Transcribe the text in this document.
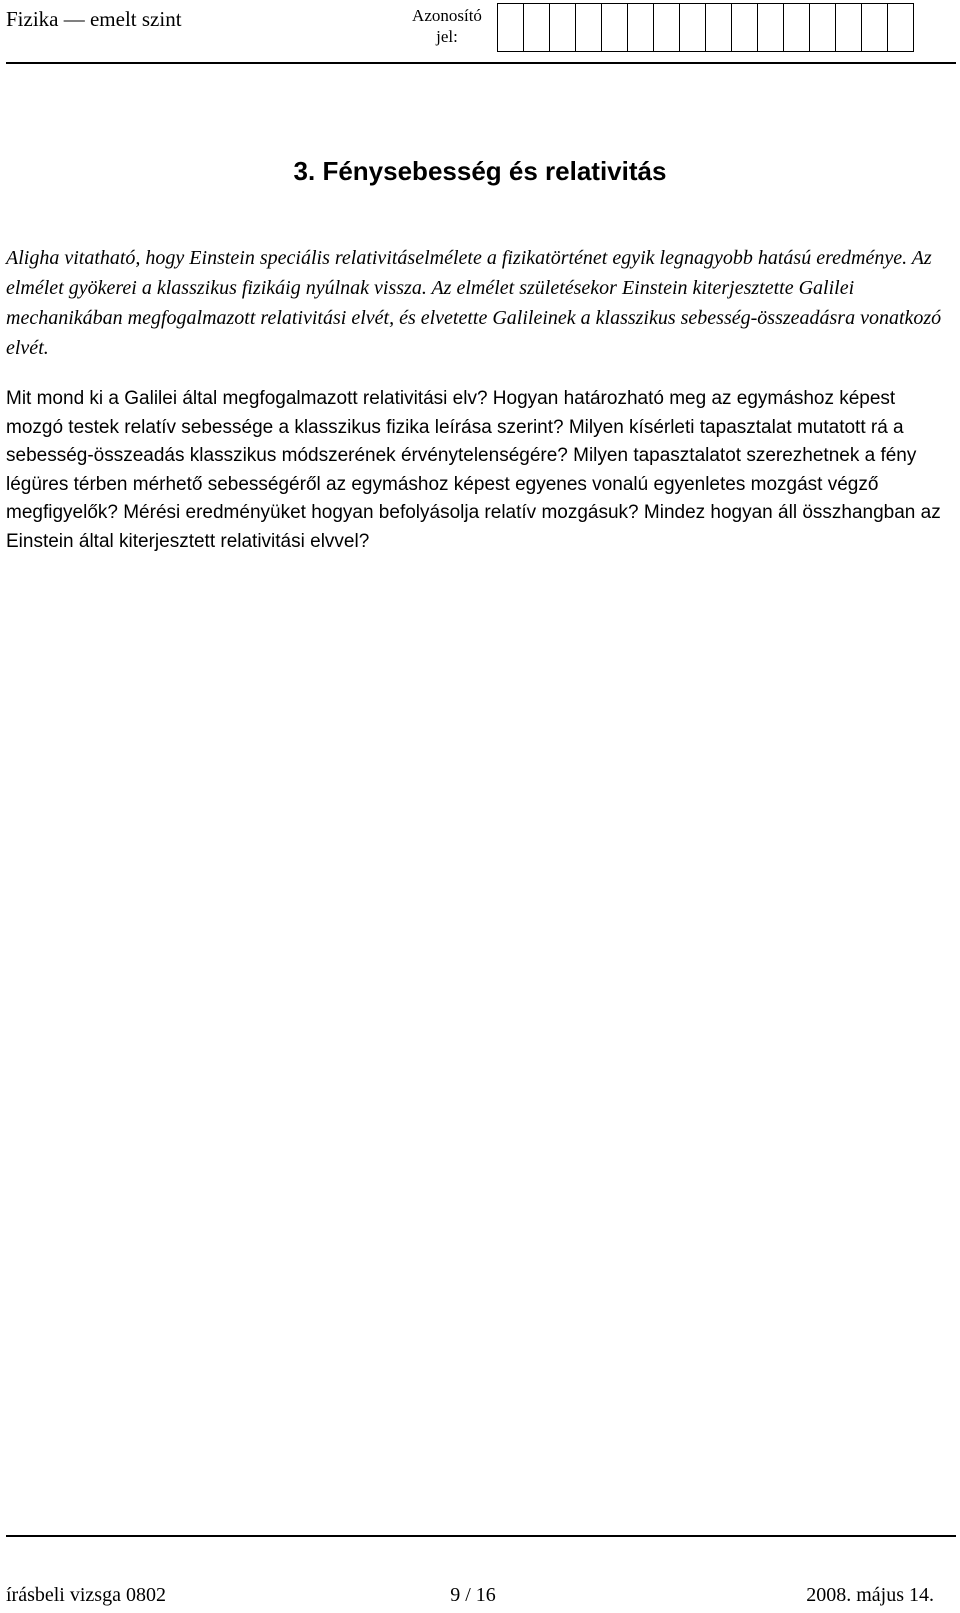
Fizika — emelt szint	Azonosító jel:
3. Fénysebesség és relativitás

Aligha vitatható, hogy Einstein speciális relativitáselmélete a fizikatörténet egyik legnagyobb hatású eredménye. Az elmélet gyökerei a klasszikus fizikáig nyúlnak vissza. Az elmélet születésekor Einstein kiterjesztette Galilei mechanikában megfogalmazott relativitási elvét, és elvetette Galileinek a klasszikus sebesség-összeadásra vonatkozó elvét.

Mit mond ki a Galilei által megfogalmazott relativitási elv? Hogyan határozható meg az egymáshoz képest mozgó testek relatív sebessége a klasszikus fizika leírása szerint? Milyen kísérleti tapasztalat mutatott rá a sebesség-összeadás klasszikus módszerének érvénytelenségére? Milyen tapasztalatot szerezhetnek a fény légüres térben mérhető sebességéről az egymáshoz képest egyenes vonalú egyenletes mozgást végző megfigyelők? Mérési eredményüket hogyan befolyásolja relatív mozgásuk? Mindez hogyan áll összhangban az Einstein által kiterjesztett relativitási elvvel?

írásbeli vizsga 0802	9 / 16	2008. május 14.
